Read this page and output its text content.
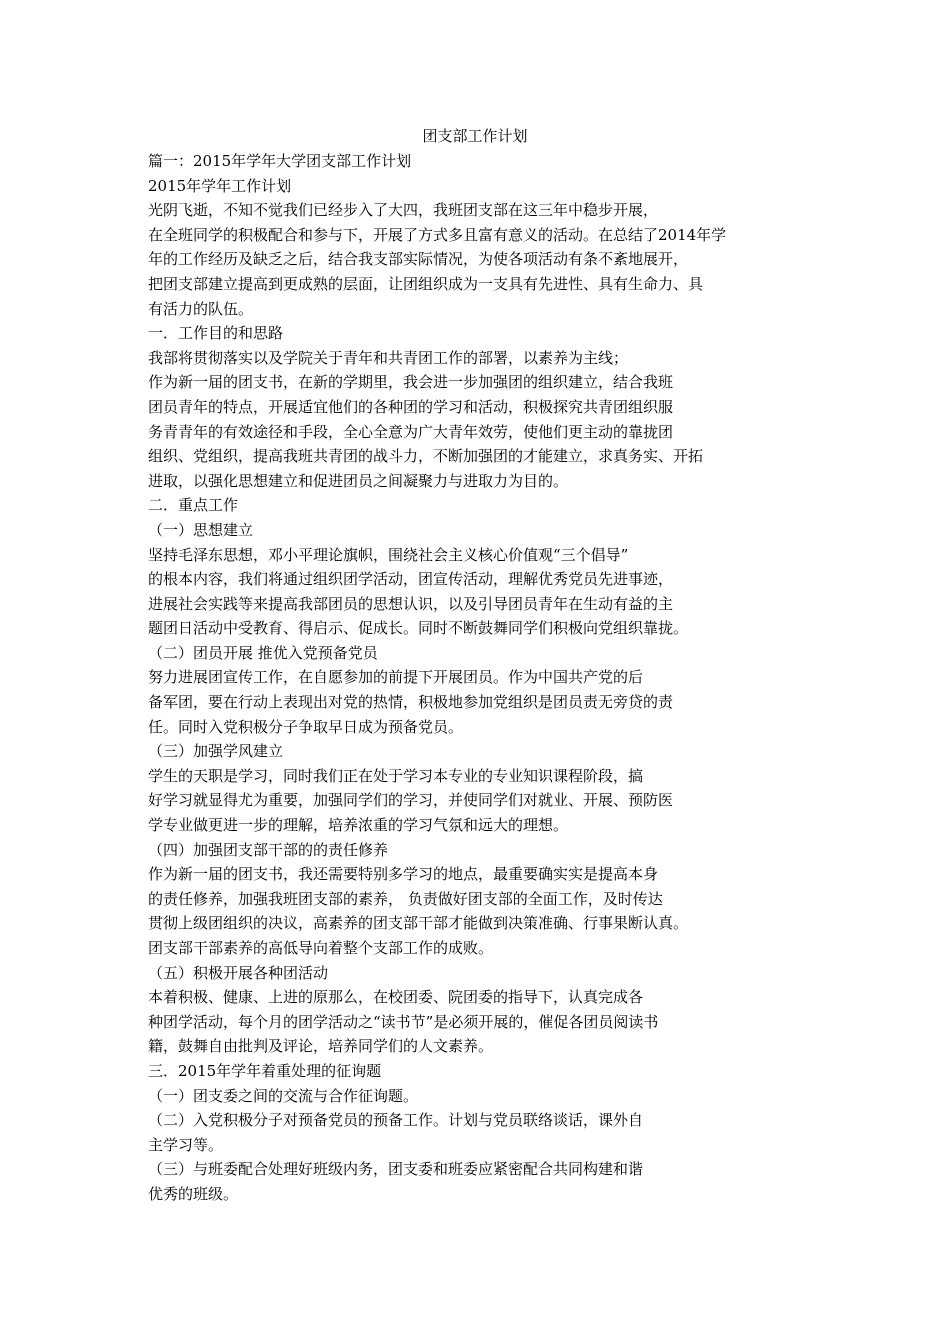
团支部工作计划
篇一：2015年学年大学团支部工作计划
2015年学年工作计划
光阴飞逝，不知不觉我们已经步入了大四，我班团支部在这三年中稳步开展，
在全班同学的积极配合和参与下，开展了方式多且富有意义的活动。在总结了2014年学
年的工作经历及缺乏之后，结合我支部实际情况，为使各项活动有条不紊地展开，
把团支部建立提高到更成熟的层面，让团组织成为一支具有先进性、具有生命力、具
有活力的队伍。
一．工作目的和思路
我部将贯彻落实以及学院关于青年和共青团工作的部署，以素养为主线；
作为新一届的团支书，在新的学期里，我会进一步加强团的组织建立，结合我班
团员青年的特点，开展适宜他们的各种团的学习和活动，积极探究共青团组织服
务青青年的有效途径和手段，全心全意为广大青年效劳，使他们更主动的靠拢团
组织、党组织，提高我班共青团的战斗力，不断加强团的才能建立，求真务实、开拓
进取，以强化思想建立和促进团员之间凝聚力与进取力为目的。
二．重点工作
（一）思想建立
坚持毛泽东思想，邓小平理论旗帜，围绕社会主义核心价值观“三个倡导”
的根本内容，我们将通过组织团学活动，团宣传活动，理解优秀党员先进事迹，
进展社会实践等来提高我部团员的思想认识，以及引导团员青年在生动有益的主
题团日活动中受教育、得启示、促成长。同时不断鼓舞同学们积极向党组织靠拢。
（二）团员开展 推优入党预备党员
努力进展团宣传工作，在自愿参加的前提下开展团员。作为中国共产党的后
备军团，要在行动上表现出对党的热情，积极地参加党组织是团员责无旁贷的责
任。同时入党积极分子争取早日成为预备党员。
（三）加强学风建立
学生的天职是学习，同时我们正在处于学习本专业的专业知识课程阶段，搞
好学习就显得尤为重要，加强同学们的学习，并使同学们对就业、开展、预防医
学专业做更进一步的理解，培养浓重的学习气氛和远大的理想。
（四）加强团支部干部的的责任修养
作为新一届的团支书，我还需要特别多学习的地点，最重要确实实是提高本身
的责任修养，加强我班团支部的素养， 负责做好团支部的全面工作，及时传达
贯彻上级团组织的决议，高素养的团支部干部才能做到决策准确、行事果断认真。
团支部干部素养的高低导向着整个支部工作的成败。
（五）积极开展各种团活动
本着积极、健康、上进的原那么，在校团委、院团委的指导下，认真完成各
种团学活动，每个月的团学活动之“读书节”是必须开展的，催促各团员阅读书
籍，鼓舞自由批判及评论，培养同学们的人文素养。
三．2015年学年着重处理的征询题
（一）团支委之间的交流与合作征询题。
（二）入党积极分子对预备党员的预备工作。计划与党员联络谈话，课外自
主学习等。
（三）与班委配合处理好班级内务，团支委和班委应紧密配合共同构建和谐
优秀的班级。
